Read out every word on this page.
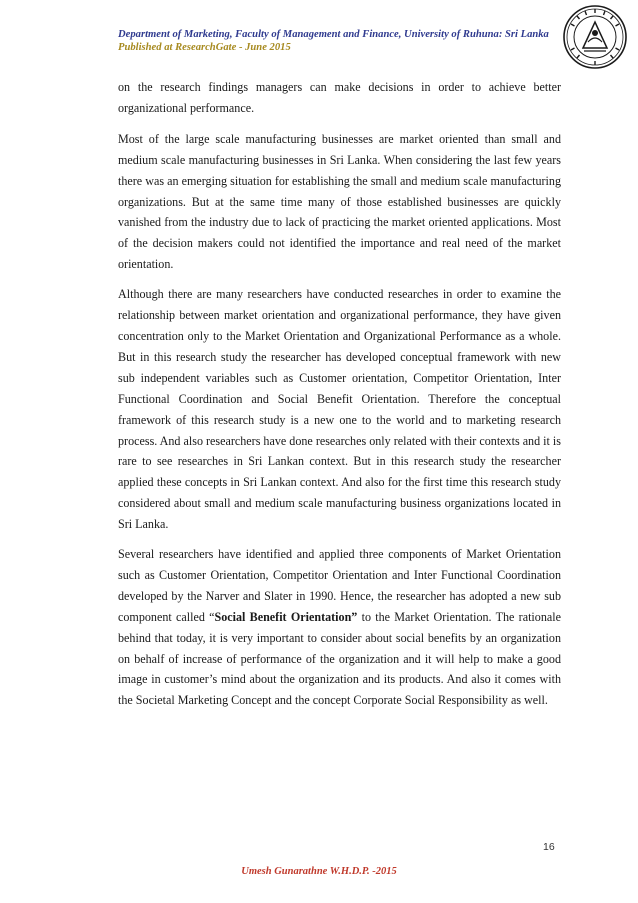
Department of Marketing, Faculty of Management and Finance, University of Ruhuna: Sri Lanka
Published at ResearchGate - June 2015

on the research findings managers can make decisions in order to achieve better organizational performance.

Most of the large scale manufacturing businesses are market oriented than small and medium scale manufacturing businesses in Sri Lanka. When considering the last few years there was an emerging situation for establishing the small and medium scale manufacturing organizations. But at the same time many of those established businesses are quickly vanished from the industry due to lack of practicing the market oriented applications. Most of the decision makers could not identified the importance and real need of the market orientation.

Although there are many researchers have conducted researches in order to examine the relationship between market orientation and organizational performance, they have given concentration only to the Market Orientation and Organizational Performance as a whole. But in this research study the researcher has developed conceptual framework with new sub independent variables such as Customer orientation, Competitor Orientation, Inter Functional Coordination and Social Benefit Orientation. Therefore the conceptual framework of this research study is a new one to the world and to marketing research process. And also researchers have done researches only related with their contexts and it is rare to see researches in Sri Lankan context. But in this research study the researcher applied these concepts in Sri Lankan context. And also for the first time this research study considered about small and medium scale manufacturing business organizations located in Sri Lanka.

Several researchers have identified and applied three components of Market Orientation such as Customer Orientation, Competitor Orientation and Inter Functional Coordination developed by the Narver and Slater in 1990. Hence, the researcher has adopted a new sub component called “Social Benefit Orientation” to the Market Orientation. The rationale behind that today, it is very important to consider about social benefits by an organization on behalf of increase of performance of the organization and it will help to make a good image in customer’s mind about the organization and its products. And also it comes with the Societal Marketing Concept and the concept Corporate Social Responsibility as well.

16
Umesh Gunarathne W.H.D.P. -2015
